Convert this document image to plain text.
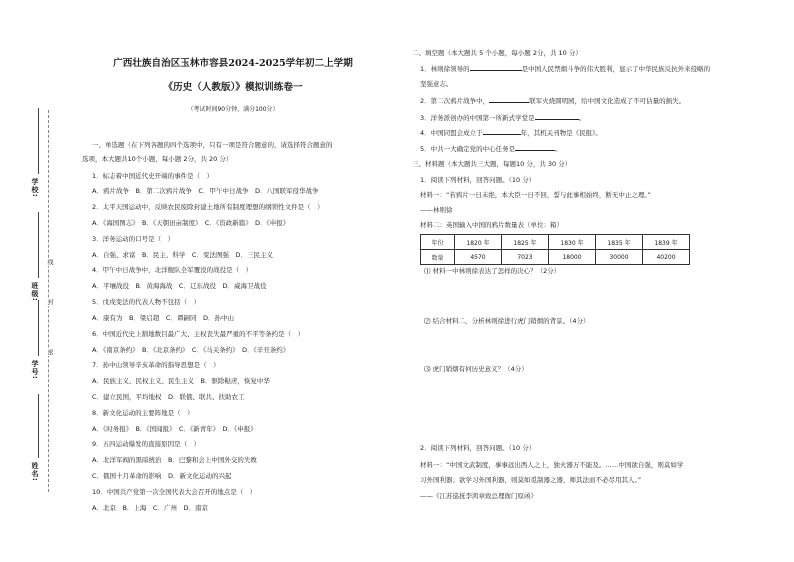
学校:
线
班级:
封
学号:
密
姓名:
广西壮族自治区玉林市容县2024-2025学年初二上学期
《历史（人教版）》模拟训练卷一
（考试时间90分钟，满分100分）
一、单选题（在下列各题的四个选项中，只有一项是符合题意的，请选择符合题意的
选项，本大题共10个小题，每小题 2分，共 20 分）
1．标志着中国近代史开端的事件是（　）
A．鸦片战争　B．第二次鸦片战争　C．甲午中日战争　D．八国联军侵华战争
2．太平天国运动中，反映农民废除封建土地所有制度理想的纲领性文件是（　）
A．《海国图志》　B．《天朝田亩制度》　C．《资政新篇》　D．《申报》
3．洋务运动的口号是（　）
A．自强、求富　B．民主、科学　C．变法图强　D．三民主义
4．甲午中日战争中，北洋舰队全军覆没的战役是（　）
A．平壤战役　B．黄海海战　C．辽东战役　D．威海卫战役
5．戊戌变法的代表人物不包括（　）
A．康有为　B．梁启超　C．谭嗣同　D．孙中山
6．中国近代史上割地数目最广大、主权丧失最严重的不平等条约是（　）
A．《南京条约》　B．《北京条约》　C．《马关条约》　D．《辛丑条约》
7．孙中山领导辛亥革命的指导思想是（　）
A．民族主义、民权主义、民生主义　B．驱除鞑虏，恢复中华
C．建立民国，平均地权　D．联俄、联共、扶助农工
8．新文化运动的主要阵地是（　）
A．《时务报》　B．《国闻报》　C．《新青年》　D．《申报》
9．五四运动爆发的直接原因是（　）
A．北洋军阀的黑暗统治　B．巴黎和会上中国外交的失败
C．俄国十月革命的影响　D．新文化运动的兴起
10．中国共产党第一次全国代表大会召开的地点是（　）
A．北京　B．上海　C．广州　D．南京
二、填空题（本大题共 5 个小题，每小题 2分，共 10 分）
1．林则徐领导的	是中国人民禁烟斗争的伟大胜利，显示了中华民族反抗外来侵略的
坚强意志。
2．第二次鸦片战争中，	联军火烧圆明园，给中国文化造成了不可估量的损失。
3．洋务派创办的中国第一所新式学堂是	。
4．中国同盟会成立于	年，其机关刊物是《民报》。
5．中共一大确定党的中心任务是	。
三、材料题（本大题共三大题，每题10 分，共 30 分）
1．阅读下列材料，回答问题。（10 分）
材料一：“若鸦片一日未绝，本大臣一日不回，誓与此事相始终，断无中止之理。”
——林则徐
材料二：英国输入中国的鸦片数量表（单位：箱）
年份	1820 年	1825 年	1830 年	1835 年	1839 年
数量	4570	7023	18000	30000	40200
⑴ 材料一中林则徐表达了怎样的决心？（2分）
⑵ 结合材料二，分析林则徐进行虎门销烟的背景。（4分）
⑶ 虎门销烟有何历史意义？（4分）
2．阅读下列材料，回答问题。（10 分）
材料一：“中国文武制度，事事远出西人之上，独火器万不能及。……中国欲自强，则莫如学
习外国利器；欲学习外国利器，则莫如觅制器之器，师其法而不必尽用其人。”
——《江苏巡抚李鸿章致总理衙门原函》
